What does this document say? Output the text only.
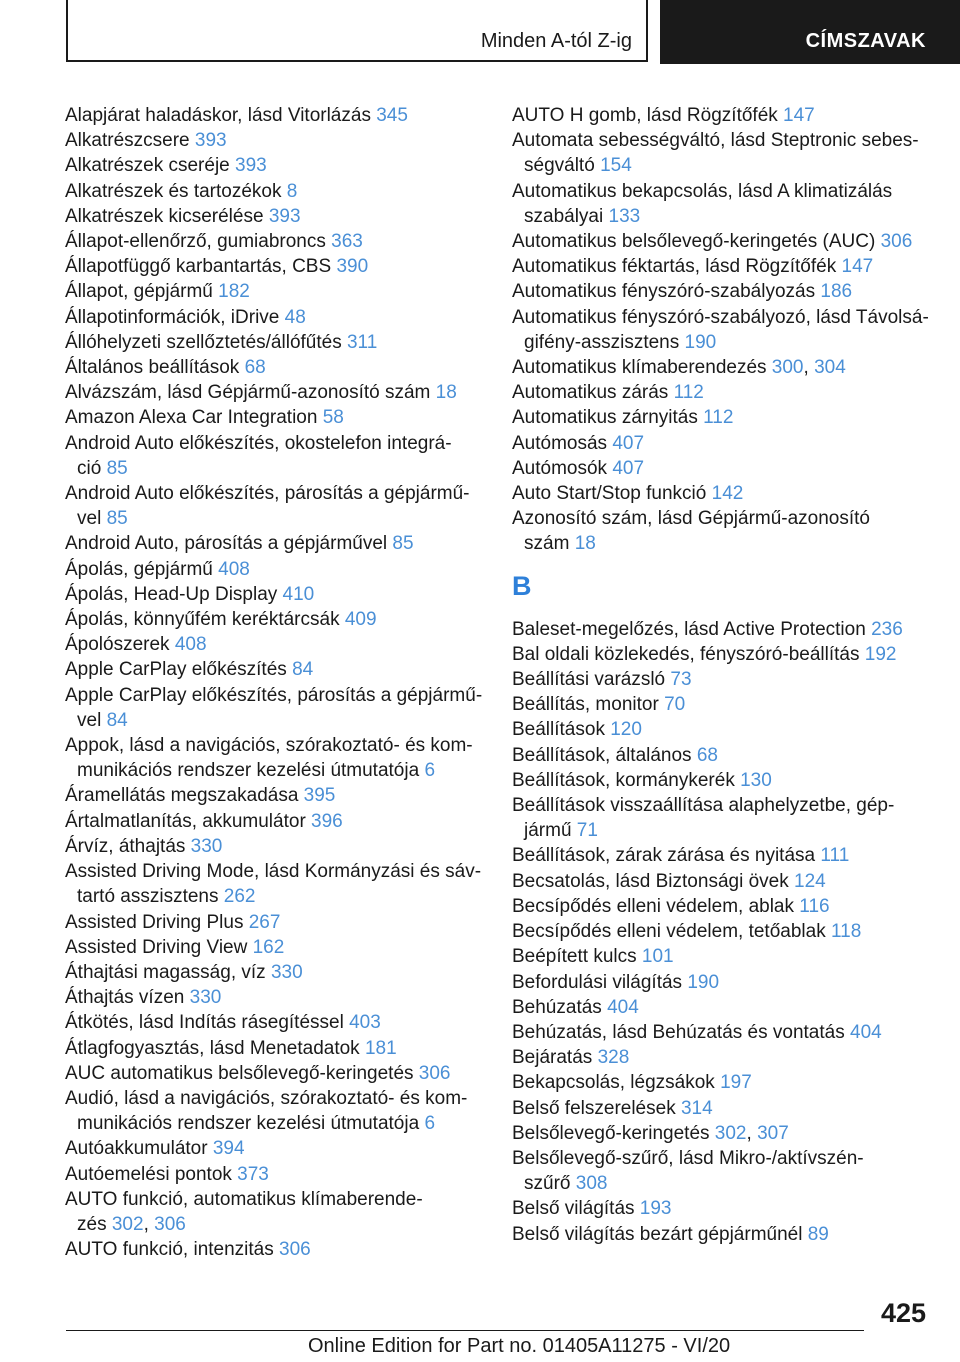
Minden A-tól Z-ig	CÍMSZAVAK
Alapjárat haladáskor, lásd Vitorlázás 345
Alkatrészcsere 393
Alkatrészek cseréje 393
Alkatrészek és tartozékok 8
Alkatrészek kicserélése 393
Állapot-ellenőrző, gumiabroncs 363
Állapotfüggő karbantartás, CBS 390
Állapot, gépjármű 182
Állapotinformációk, iDrive 48
Állóhelyzeti szellőztetés/állófűtés 311
Általános beállítások 68
Alvázszám, lásd Gépjármű-azonosító szám 18
Amazon Alexa Car Integration 58
Android Auto előkészítés, okostelefon integrá-
ció 85
Android Auto előkészítés, párosítás a gépjármű-
vel 85
Android Auto, párosítás a gépjárművel 85
Ápolás, gépjármű 408
Ápolás, Head-Up Display 410
Ápolás, könnyűfém keréktárcsák 409
Ápolószerek 408
Apple CarPlay előkészítés 84
Apple CarPlay előkészítés, párosítás a gépjármű-
vel 84
Appok, lásd a navigációs, szórakoztató- és kom-
munikációs rendszer kezelési útmutatója 6
Áramellátás megszakadása 395
Ártalmatlanítás, akkumulátor 396
Árvíz, áthajtás 330
Assisted Driving Mode, lásd Kormányzási és sáv-
tartó asszisztens 262
Assisted Driving Plus 267
Assisted Driving View 162
Áthajtási magasság, víz 330
Áthajtás vízen 330
Átkötés, lásd Indítás rásegítéssel 403
Átlagfogyasztás, lásd Menetadatok 181
AUC automatikus belsőlevegő-keringetés 306
Audió, lásd a navigációs, szórakoztató- és kom-
munikációs rendszer kezelési útmutatója 6
Autóakkumulátor 394
Autóemelési pontok 373
AUTO funkció, automatikus klímaberende-
zés 302, 306
AUTO funkció, intenzitás 306
AUTO H gomb, lásd Rögzítőfék 147
Automata sebességváltó, lásd Steptronic sebes-
ségváltó 154
Automatikus bekapcsolás, lásd A klimatizálás
szabályai 133
Automatikus belsőlevegő-keringetés (AUC) 306
Automatikus féktartás, lásd Rögzítőfék 147
Automatikus fényszóró-szabályozás 186
Automatikus fényszóró-szabályozó, lásd Távolsá-
gifény-asszisztens 190
Automatikus klímaberendezés 300, 304
Automatikus zárás 112
Automatikus zárnyitás 112
Autómosás 407
Autómosók 407
Auto Start/Stop funkció 142
Azonosító szám, lásd Gépjármű-azonosító
szám 18
B
Baleset-megelőzés, lásd Active Protection 236
Bal oldali közlekedés, fényszóró-beállítás 192
Beállítási varázsló 73
Beállítás, monitor 70
Beállítások 120
Beállítások, általános 68
Beállítások, kormánykerék 130
Beállítások visszaállítása alaphelyzetbe, gép-
jármű 71
Beállítások, zárak zárása és nyitása 111
Becsatolás, lásd Biztonsági övek 124
Becsípődés elleni védelem, ablak 116
Becsípődés elleni védelem, tetőablak 118
Beépített kulcs 101
Befordulási világítás 190
Behúzatás 404
Behúzatás, lásd Behúzatás és vontatás 404
Bejáratás 328
Bekapcsolás, légzsákok 197
Belső felszerelések 314
Belsőlevegő-keringetés 302, 307
Belsőlevegő-szűrő, lásd Mikro-/aktívszén-
szűrő 308
Belső világítás 193
Belső világítás bezárt gépjárműnél 89
425
Online Edition for Part no. 01405A11275 - VI/20
